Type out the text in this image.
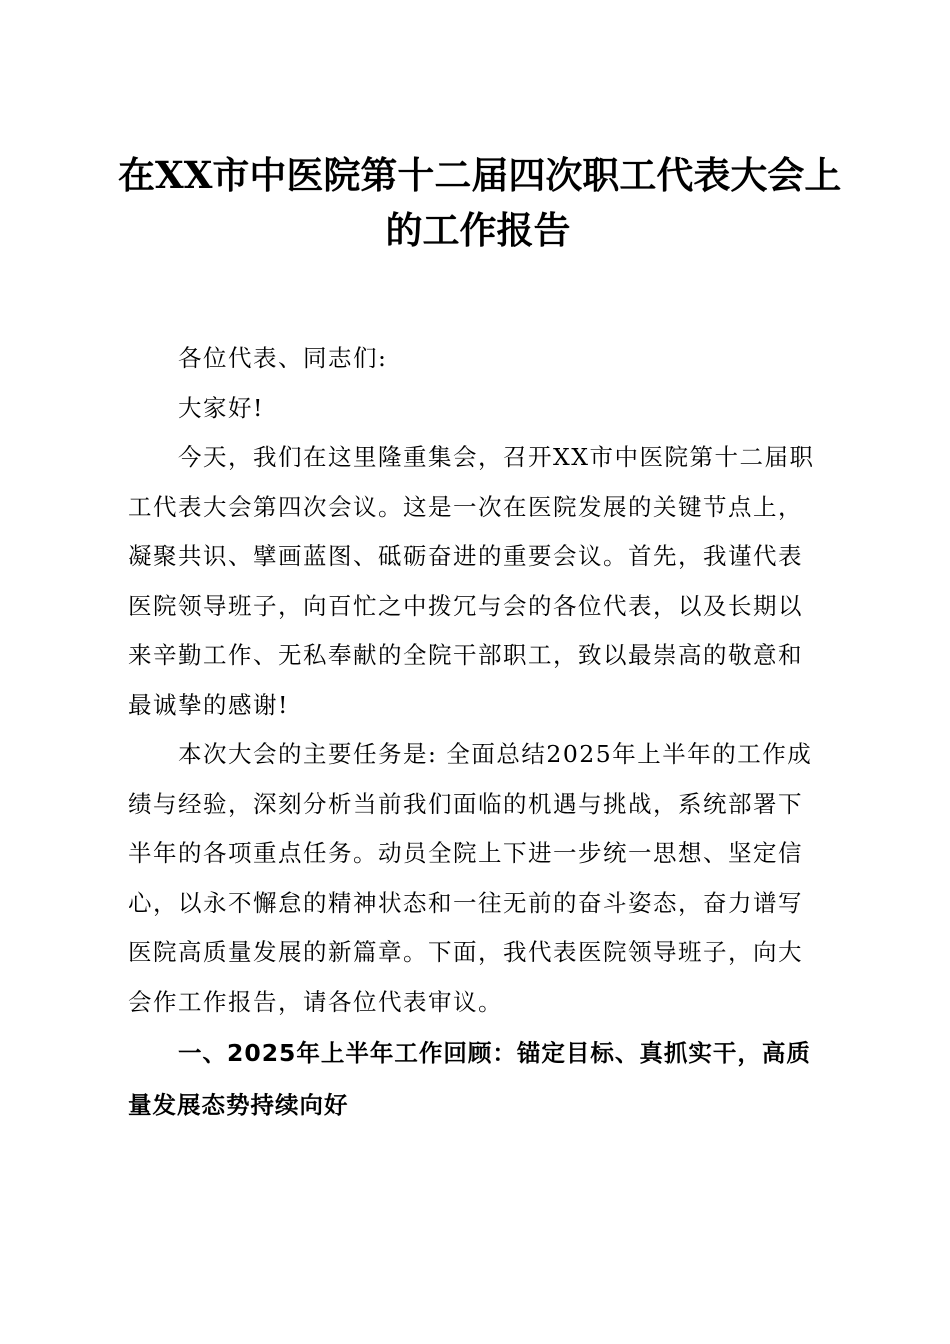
在XX市中医院第十二届四次职工代表大会上
的工作报告

各位代表、同志们:

大家好!

今天，我们在这里隆重集会，召开XX市中医院第十二届职
工代表大会第四次会议。这是一次在医院发展的关键节点上，
凝聚共识、擘画蓝图、砥砺奋进的重要会议。首先，我谨代表
医院领导班子，向百忙之中拨冗与会的各位代表，以及长期以
来辛勤工作、无私奉献的全院干部职工，致以最崇高的敬意和
最诚挚的感谢!

本次大会的主要任务是: 全面总结2025年上半年的工作成
绩与经验，深刻分析当前我们面临的机遇与挑战，系统部署下
半年的各项重点任务。动员全院上下进一步统一思想、坚定信
心，以永不懈怠的精神状态和一往无前的奋斗姿态，奋力谱写
医院高质量发展的新篇章。下面，我代表医院领导班子，向大
会作工作报告，请各位代表审议。

一、2025年上半年工作回顾：锚定目标、真抓实干，高质
量发展态势持续向好
